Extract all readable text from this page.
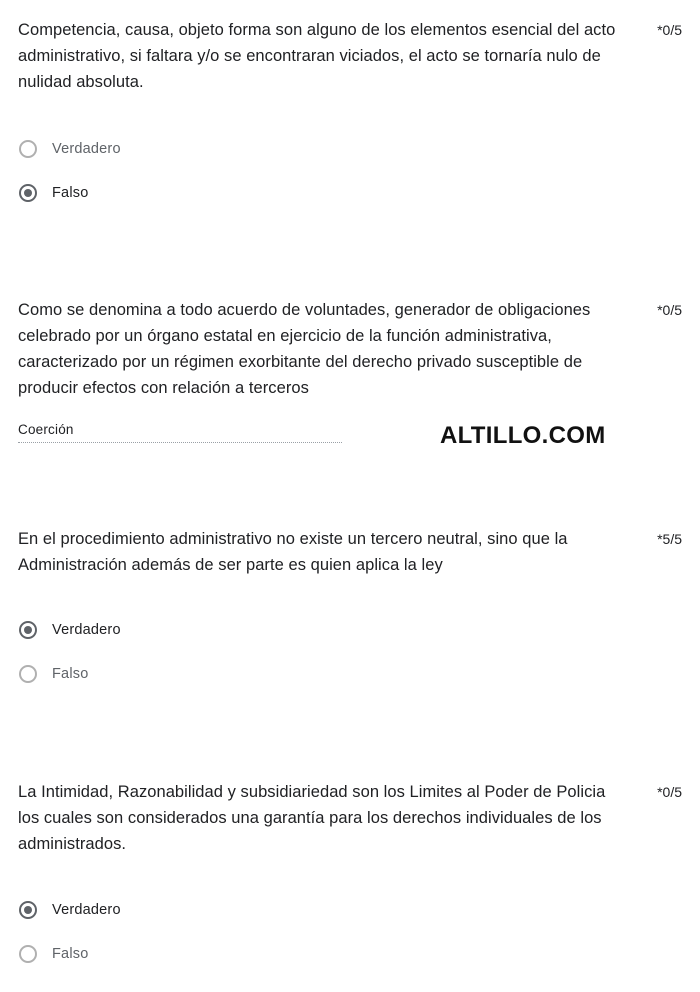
Competencia, causa, objeto forma son alguno de los elementos esencial del acto administrativo, si faltara y/o se encontraran viciados, el acto se tornaría nulo de nulidad absoluta.
*0/5
Verdadero
Falso
Como se denomina a todo acuerdo de voluntades, generador de obligaciones celebrado por un órgano estatal en ejercicio de la función administrativa, caracterizado por un régimen exorbitante del derecho privado susceptible de producir efectos con relación a terceros
*0/5
Coerción	ALTILLO.COM
En el procedimiento administrativo no existe un tercero neutral, sino que la Administración además de ser parte es quien aplica la ley
*5/5
Verdadero
Falso
La Intimidad, Razonabilidad y subsidiariedad son los Limites al Poder de Policia los cuales son considerados una garantía para los derechos individuales de los administrados.
*0/5
Verdadero
Falso
